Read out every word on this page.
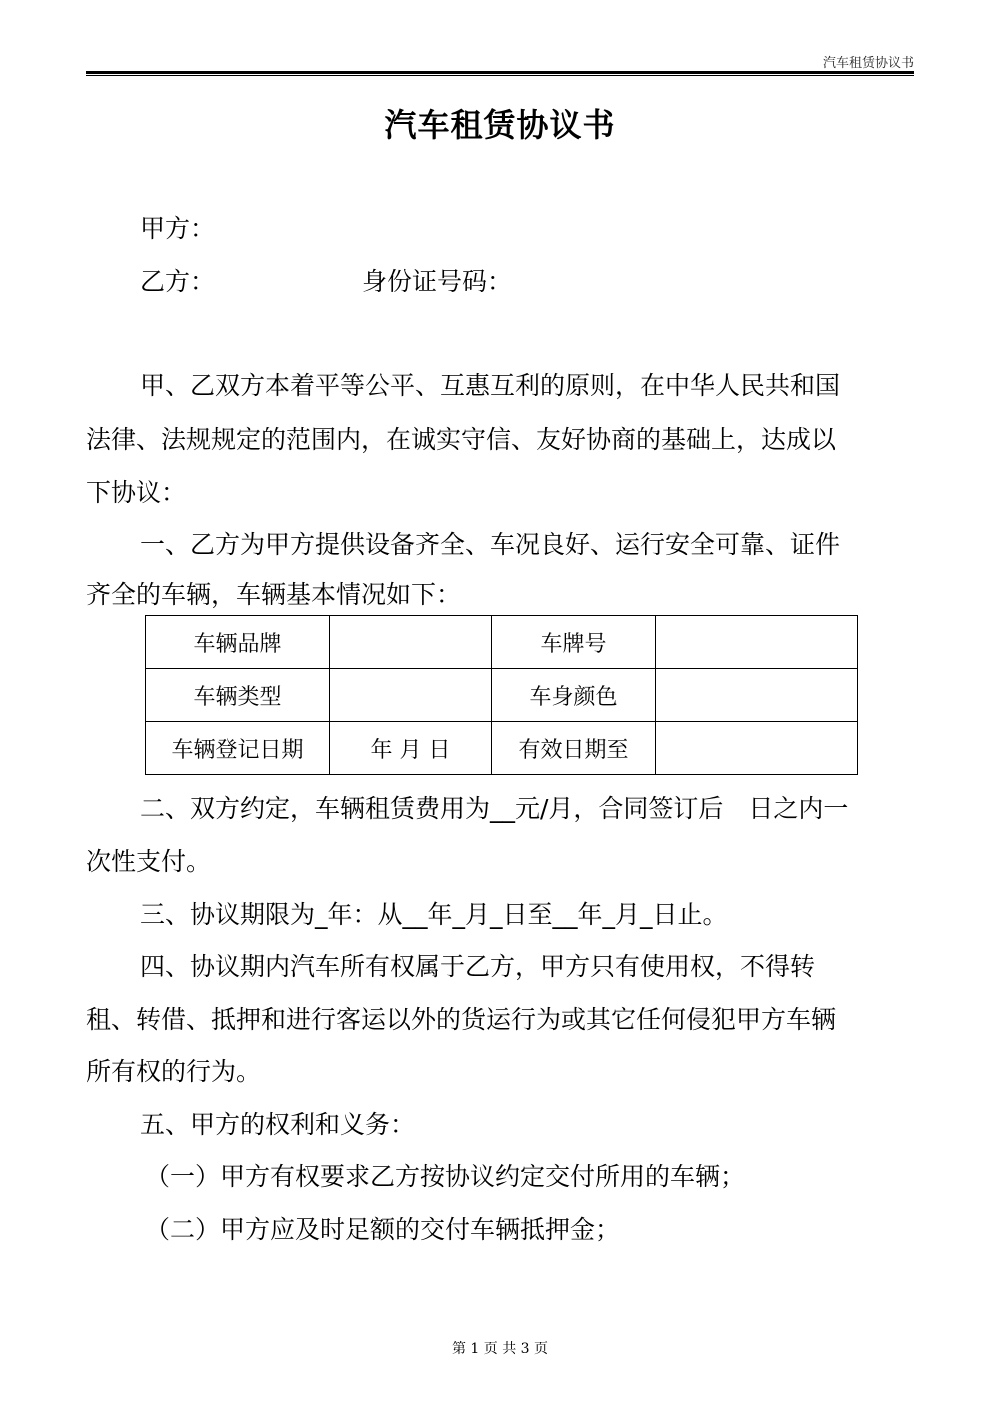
汽车租赁协议书
汽车租赁协议书
甲方：
乙方：	身份证号码：
甲、乙双方本着平等公平、互惠互利的原则，在中华人民共和国
法律、法规规定的范围内，在诚实守信、友好协商的基础上，达成以
下协议：
一、乙方为甲方提供设备齐全、车况良好、运行安全可靠、证件
齐全的车辆，车辆基本情况如下：
车辆品牌		车牌号	
车辆类型		车身颜色	
车辆登记日期	年 月 日	有效日期至	
二、双方约定，车辆租赁费用为__元/月，合同签订后　日之内一
次性支付。
三、协议期限为_年：从__年_月_日至__年_月_日止。
四、协议期内汽车所有权属于乙方，甲方只有使用权，不得转
租、转借、抵押和进行客运以外的货运行为或其它任何侵犯甲方车辆
所有权的行为。
五、甲方的权利和义务：
（一）甲方有权要求乙方按协议约定交付所用的车辆；
（二）甲方应及时足额的交付车辆抵押金；
第 1 页 共 3 页
